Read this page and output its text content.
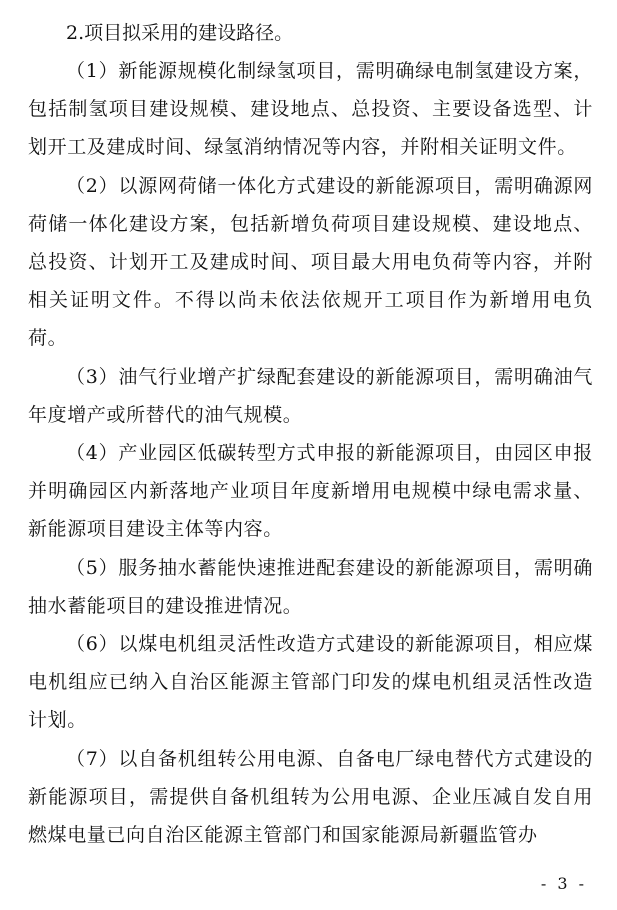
2.项目拟采用的建设路径。

（1）新能源规模化制绿氢项目，需明确绿电制氢建设方案，包括制氢项目建设规模、建设地点、总投资、主要设备选型、计划开工及建成时间、绿氢消纳情况等内容，并附相关证明文件。

（2）以源网荷储一体化方式建设的新能源项目，需明确源网荷储一体化建设方案，包括新增负荷项目建设规模、建设地点、总投资、计划开工及建成时间、项目最大用电负荷等内容，并附相关证明文件。不得以尚未依法依规开工项目作为新增用电负荷。

（3）油气行业增产扩绿配套建设的新能源项目，需明确油气年度增产或所替代的油气规模。

（4）产业园区低碳转型方式申报的新能源项目，由园区申报并明确园区内新落地产业项目年度新增用电规模中绿电需求量、新能源项目建设主体等内容。

（5）服务抽水蓄能快速推进配套建设的新能源项目，需明确抽水蓄能项目的建设推进情况。

（6）以煤电机组灵活性改造方式建设的新能源项目，相应煤电机组应已纳入自治区能源主管部门印发的煤电机组灵活性改造计划。

（7）以自备机组转公用电源、自备电厂绿电替代方式建设的新能源项目，需提供自备机组转为公用电源、企业压减自发自用燃煤电量已向自治区能源主管部门和国家能源局新疆监管办

- 3 -
